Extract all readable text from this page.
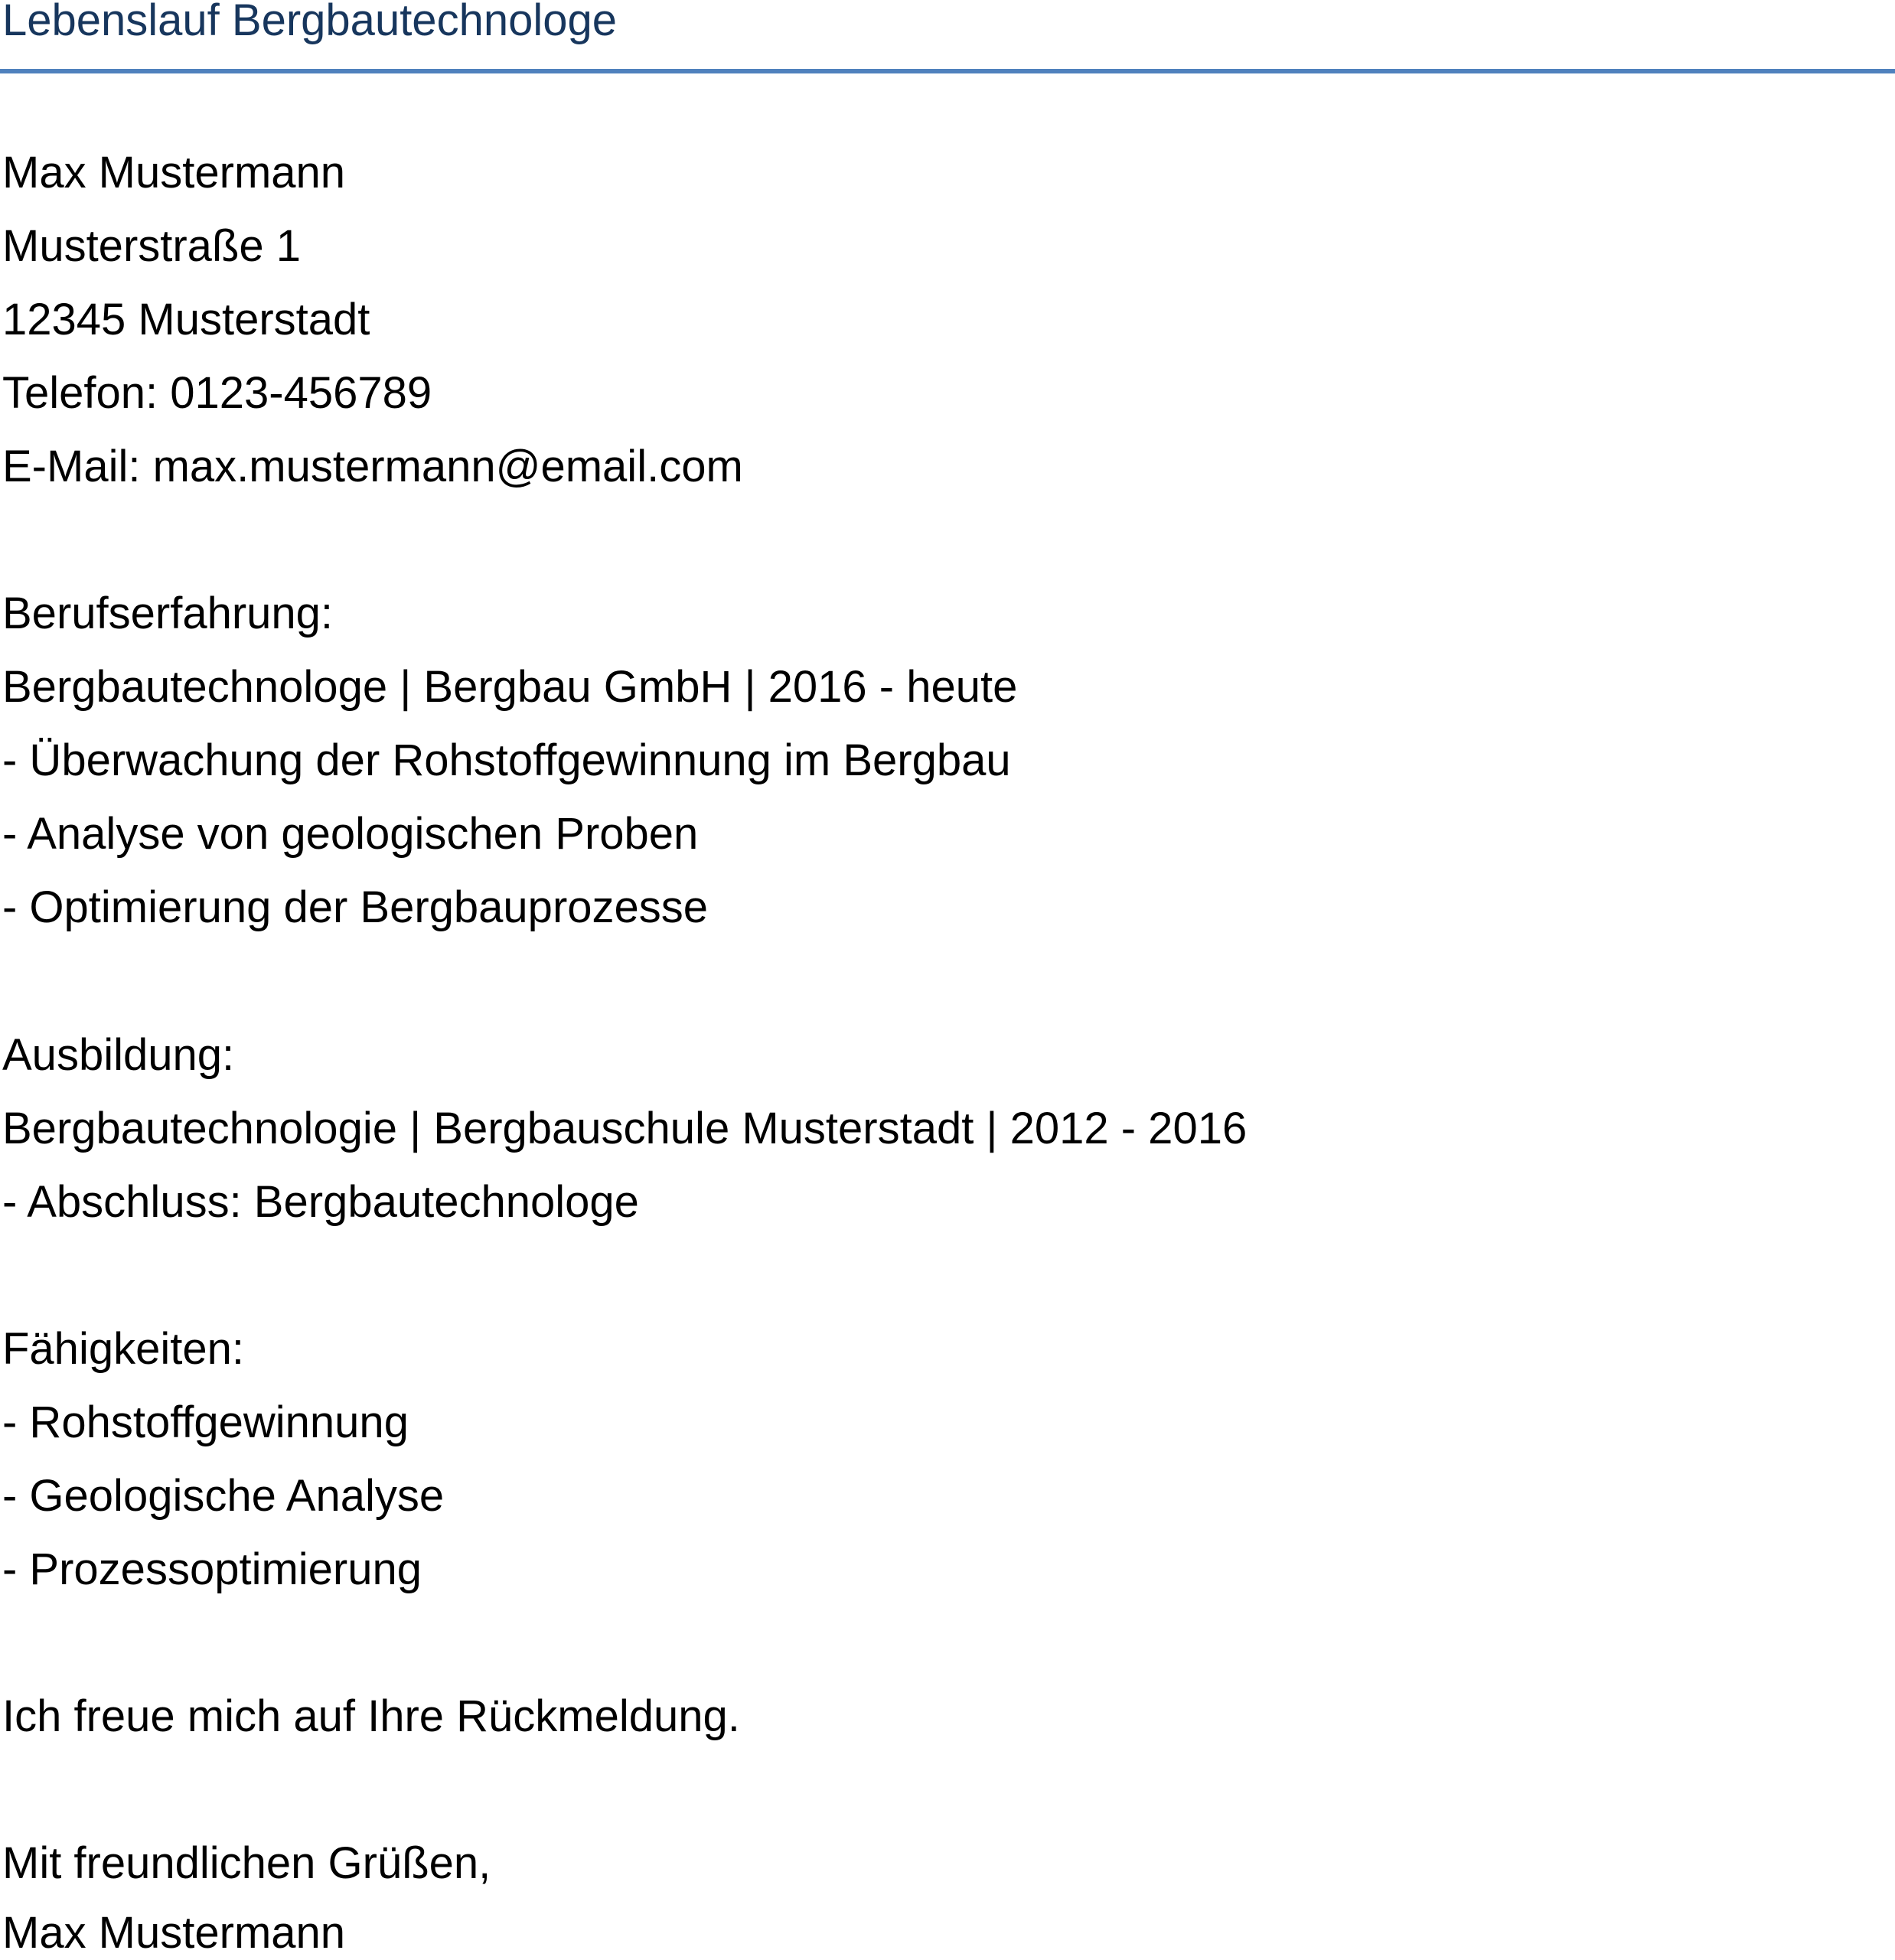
Lebenslauf Bergbautechnologe

Max Mustermann

Musterstraße 1

12345 Musterstadt

Telefon: 0123-456789

E-Mail: max.mustermann@email.com

Berufserfahrung:

Bergbautechnologe | Bergbau GmbH | 2016 - heute

- Überwachung der Rohstoffgewinnung im Bergbau

- Analyse von geologischen Proben

- Optimierung der Bergbauprozesse

Ausbildung:

Bergbautechnologie | Bergbauschule Musterstadt | 2012 - 2016

- Abschluss: Bergbautechnologe

Fähigkeiten:

- Rohstoffgewinnung

- Geologische Analyse

- Prozessoptimierung

Ich freue mich auf Ihre Rückmeldung.

Mit freundlichen Grüßen,

Max Mustermann
